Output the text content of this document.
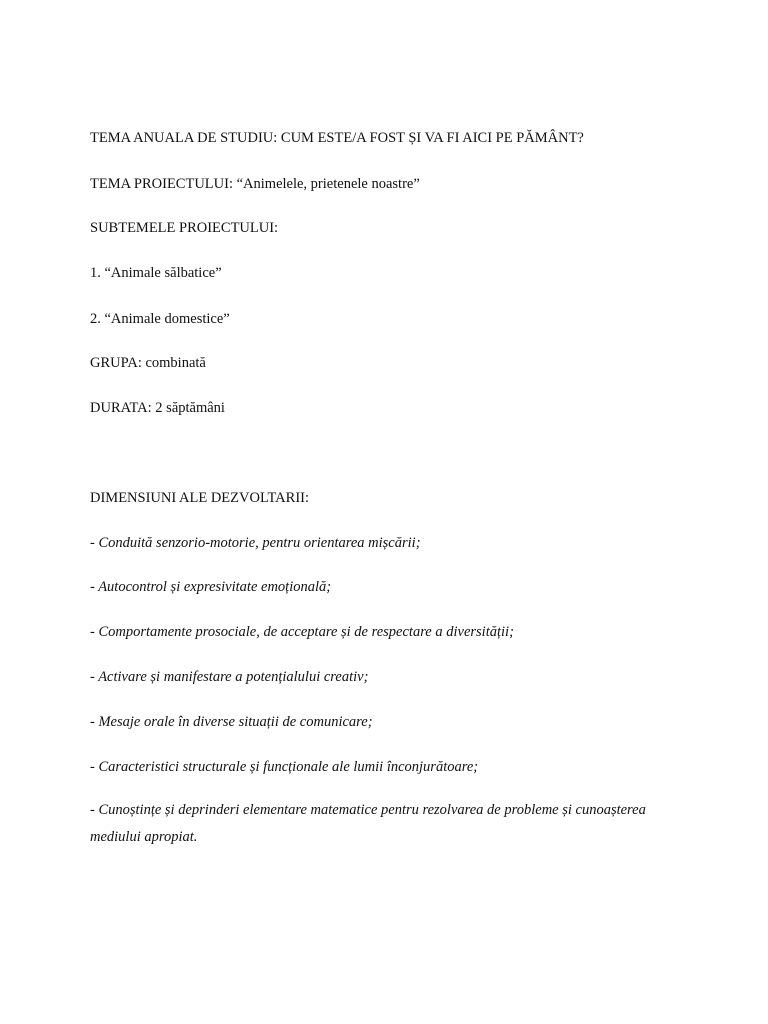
TEMA ANUALA DE STUDIU: CUM ESTE/A FOST ȘI VA FI AICI PE PĂMÂNT?
TEMA PROIECTULUI: “Animelele, prietenele noastre”
SUBTEMELE PROIECTULUI:
1. “Animale sălbatice”
2. “Animale domestice”
GRUPA: combinată
DURATA: 2 săptămâni
DIMENSIUNI ALE DEZVOLTARII:
- Conduită senzorio-motorie, pentru orientarea mișcării;
- Autocontrol și expresivitate emoțională;
- Comportamente prosociale, de acceptare și de respectare a diversității;
- Activare și manifestare a potențialului creativ;
- Mesaje orale în diverse situații de comunicare;
- Caracteristici structurale și funcționale ale lumii înconjurătoare;
- Cunoștințe și deprinderi elementare matematice pentru rezolvarea de probleme și cunoașterea mediului apropiat.
